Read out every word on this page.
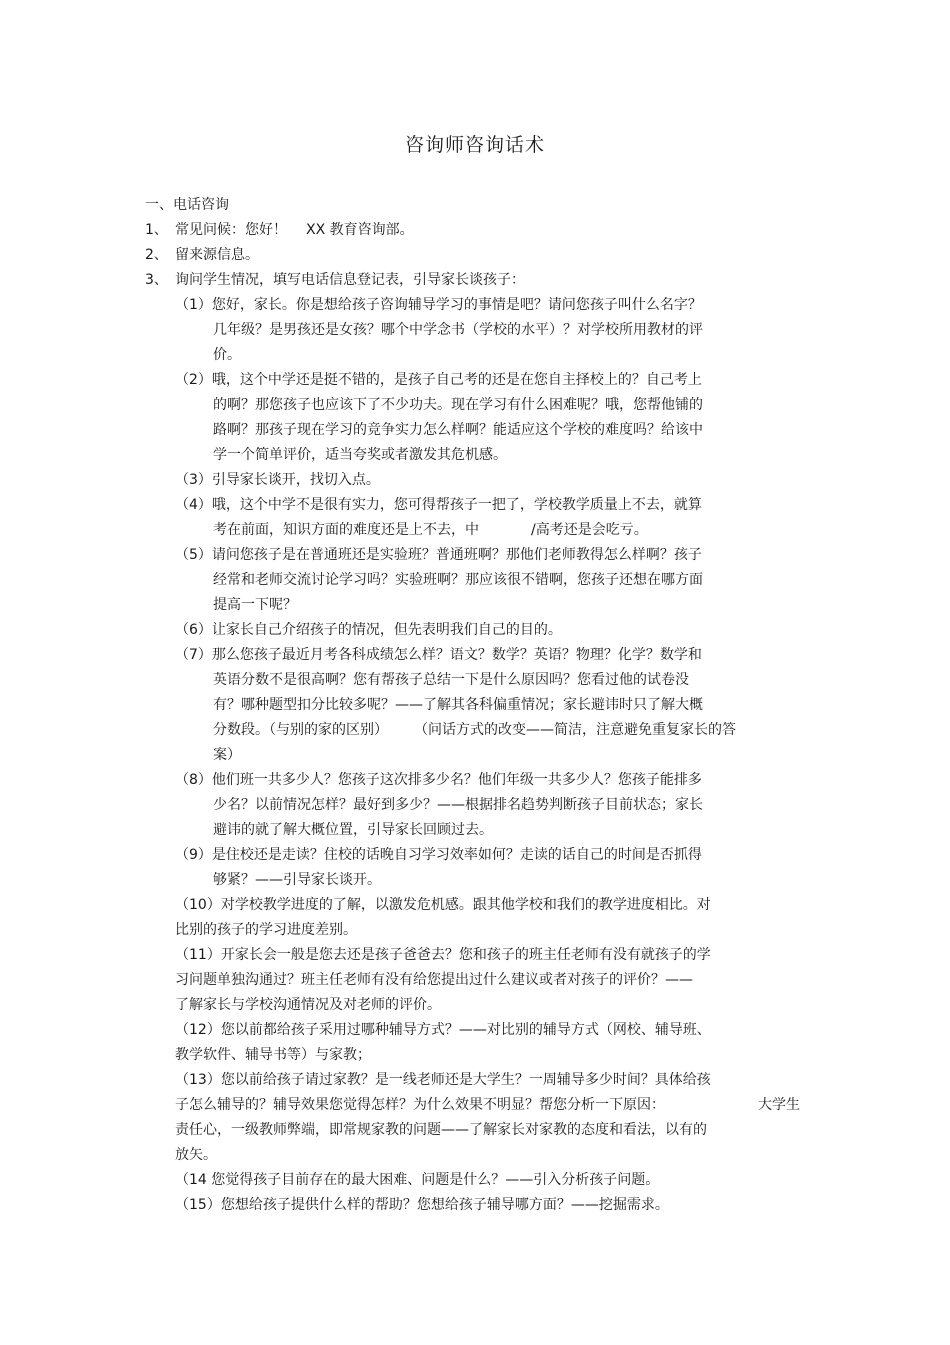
咨询师咨询话术
一、电话咨询
1、 常见问候：您好！ XX 教育咨询部。
2、 留来源信息。
3、 询问学生情况，填写电话信息登记表，引导家长谈孩子：
（1）您好，家长。你是想给孩子咨询辅导学习的事情是吧？请问您孩子叫什么名字？
几年级？是男孩还是女孩？哪个中学念书（学校的水平）？对学校所用教材的评
价。
（2）哦，这个中学还是挺不错的，是孩子自己考的还是在您自主择校上的？自己考上
的啊？那您孩子也应该下了不少功夫。现在学习有什么困难呢？哦，您帮他铺的
路啊？那孩子现在学习的竞争实力怎么样啊？能适应这个学校的难度吗？给该中
学一个简单评价，适当夸奖或者激发其危机感。
（3）引导家长谈开，找切入点。
（4）哦，这个中学不是很有实力，您可得帮孩子一把了，学校教学质量上不去，就算
考在前面，知识方面的难度还是上不去，中	/高考还是会吃亏。
（5）请问您孩子是在普通班还是实验班？普通班啊？那他们老师教得怎么样啊？孩子
经常和老师交流讨论学习吗？实验班啊？那应该很不错啊，您孩子还想在哪方面
提高一下呢？
（6）让家长自己介绍孩子的情况，但先表明我们自己的目的。
（7）那么您孩子最近月考各科成绩怎么样？语文？数学？英语？物理？化学？数学和
英语分数不是很高啊？您有帮孩子总结一下是什么原因吗？您看过他的试卷没
有？哪种题型扣分比较多呢？——了解其各科偏重情况；家长避讳时只了解大概
分数段。（与别的家的区别） （问话方式的改变——简洁，注意避免重复家长的答
案）
（8）他们班一共多少人？您孩子这次排多少名？他们年级一共多少人？您孩子能排多
少名？以前情况怎样？最好到多少？——根据排名趋势判断孩子目前状态；家长
避讳的就了解大概位置，引导家长回顾过去。
（9）是住校还是走读？住校的话晚自习学习效率如何？走读的话自己的时间是否抓得
够紧？——引导家长谈开。
（10）对学校教学进度的了解，以激发危机感。跟其他学校和我们的教学进度相比。对
比别的孩子的学习进度差别。
（11）开家长会一般是您去还是孩子爸爸去？您和孩子的班主任老师有没有就孩子的学
习问题单独沟通过？班主任老师有没有给您提出过什么建议或者对孩子的评价？——
了解家长与学校沟通情况及对老师的评价。
（12）您以前都给孩子采用过哪种辅导方式？——对比别的辅导方式（网校、辅导班、
教学软件、辅导书等）与家教；
（13）您以前给孩子请过家教？是一线老师还是大学生？一周辅导多少时间？具体给孩
子怎么辅导的？辅导效果您觉得怎样？为什么效果不明显？帮您分析一下原因：	大学生
责任心，一级教师弊端，即常规家教的问题——了解家长对家教的态度和看法，以有的
放矢。
（14 您觉得孩子目前存在的最大困难、问题是什么？——引入分析孩子问题。
（15）您想给孩子提供什么样的帮助？您想给孩子辅导哪方面？——挖掘需求。
